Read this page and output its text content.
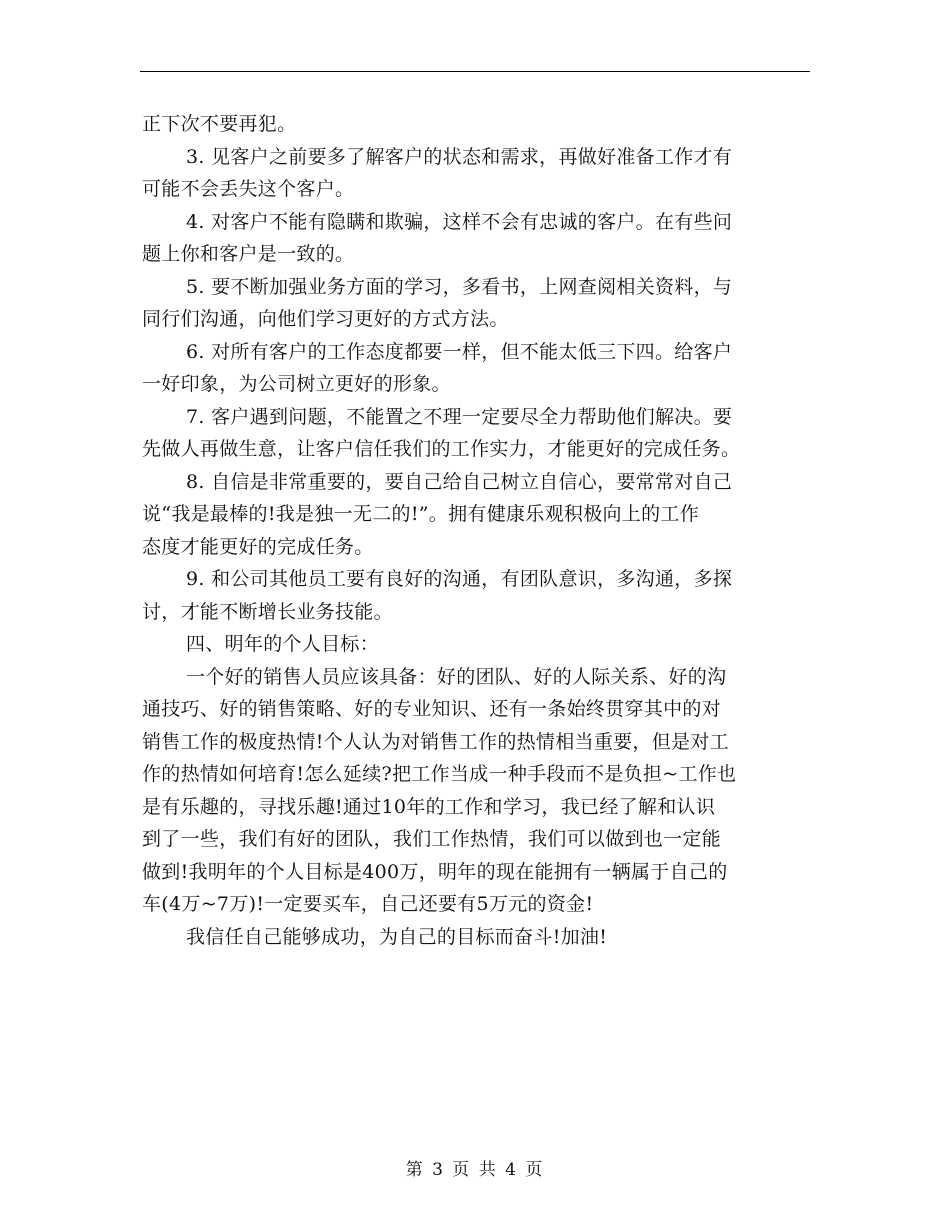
正下次不要再犯。
3. 见客户之前要多了解客户的状态和需求，再做好准备工作才有
可能不会丢失这个客户。
4. 对客户不能有隐瞒和欺骗，这样不会有忠诚的客户。在有些问
题上你和客户是一致的。
5. 要不断加强业务方面的学习，多看书，上网查阅相关资料，与
同行们沟通，向他们学习更好的方式方法。
6. 对所有客户的工作态度都要一样，但不能太低三下四。给客户
一好印象，为公司树立更好的形象。
7. 客户遇到问题，不能置之不理一定要尽全力帮助他们解决。要
先做人再做生意，让客户信任我们的工作实力，才能更好的完成任务。
8. 自信是非常重要的，要自己给自己树立自信心，要常常对自己
说“我是最棒的!我是独一无二的!”。拥有健康乐观积极向上的工作
态度才能更好的完成任务。
9. 和公司其他员工要有良好的沟通，有团队意识，多沟通，多探
讨，才能不断增长业务技能。
四、明年的个人目标：
一个好的销售人员应该具备：好的团队、好的人际关系、好的沟
通技巧、好的销售策略、好的专业知识、还有一条始终贯穿其中的对
销售工作的极度热情!个人认为对销售工作的热情相当重要，但是对工
作的热情如何培育!怎么延续?把工作当成一种手段而不是负担~工作也
是有乐趣的，寻找乐趣!通过10年的工作和学习，我已经了解和认识
到了一些，我们有好的团队，我们工作热情，我们可以做到也一定能
做到!我明年的个人目标是400万，明年的现在能拥有一辆属于自己的
车(4万~7万)!一定要买车，自己还要有5万元的资金!
我信任自己能够成功，为自己的目标而奋斗!加油!
第 3 页 共 4 页
